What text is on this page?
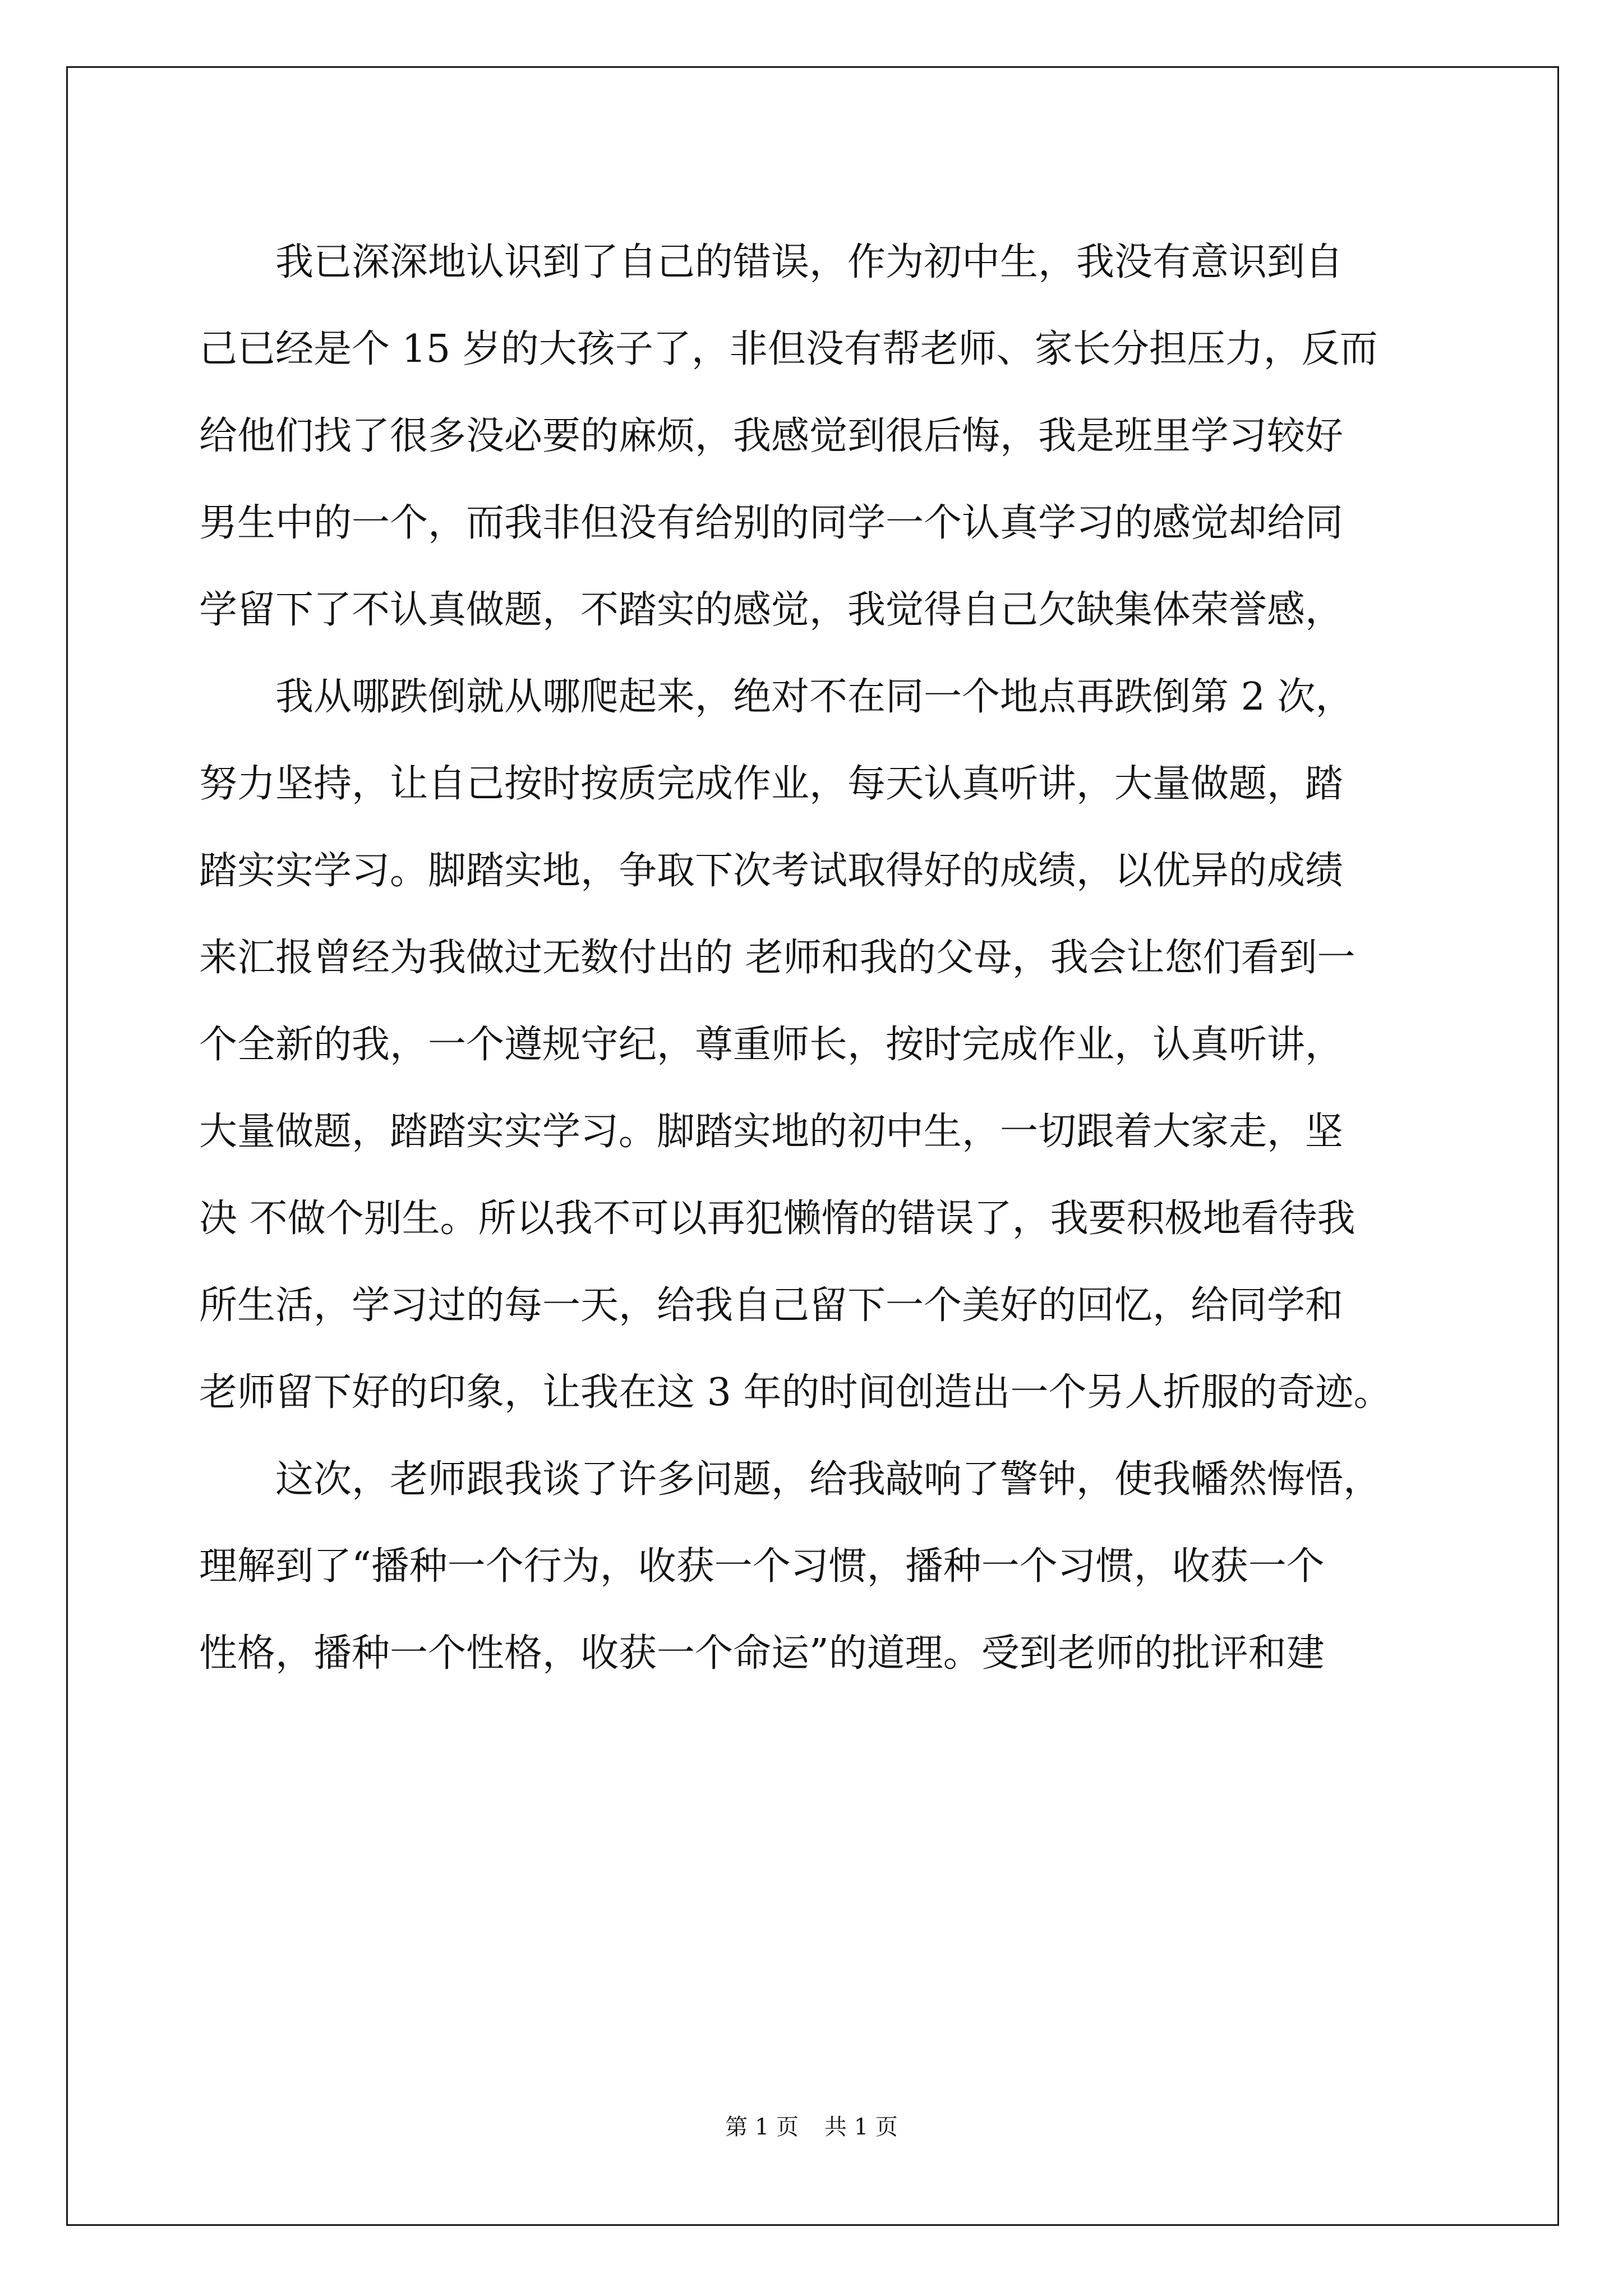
我已深深地认识到了自己的错误，作为初中生，我没有意识到自
己已经是个 15 岁的大孩子了，非但没有帮老师、家长分担压力，反而
给他们找了很多没必要的麻烦，我感觉到很后悔，我是班里学习较好
男生中的一个，而我非但没有给别的同学一个认真学习的感觉却给同
学留下了不认真做题，不踏实的感觉，我觉得自己欠缺集体荣誉感，
我从哪跌倒就从哪爬起来，绝对不在同一个地点再跌倒第 2 次，
努力坚持，让自己按时按质完成作业，每天认真听讲，大量做题，踏
踏实实学习。脚踏实地，争取下次考试取得好的成绩，以优异的成绩
来汇报曾经为我做过无数付出的 老师和我的父母，我会让您们看到一
个全新的我，一个遵规守纪，尊重师长，按时完成作业，认真听讲，
大量做题，踏踏实实学习。脚踏实地的初中生，一切跟着大家走，坚
决 不做个别生。所以我不可以再犯懒惰的错误了，我要积极地看待我
所生活，学习过的每一天，给我自己留下一个美好的回忆，给同学和
老师留下好的印象，让我在这 3 年的时间创造出一个另人折服的奇迹。
这次，老师跟我谈了许多问题，给我敲响了警钟，使我幡然悔悟，
理解到了“播种一个行为，收获一个习惯，播种一个习惯，收获一个
性格，播种一个性格，收获一个命运”的道理。受到老师的批评和建
第 1 页 共 1 页
